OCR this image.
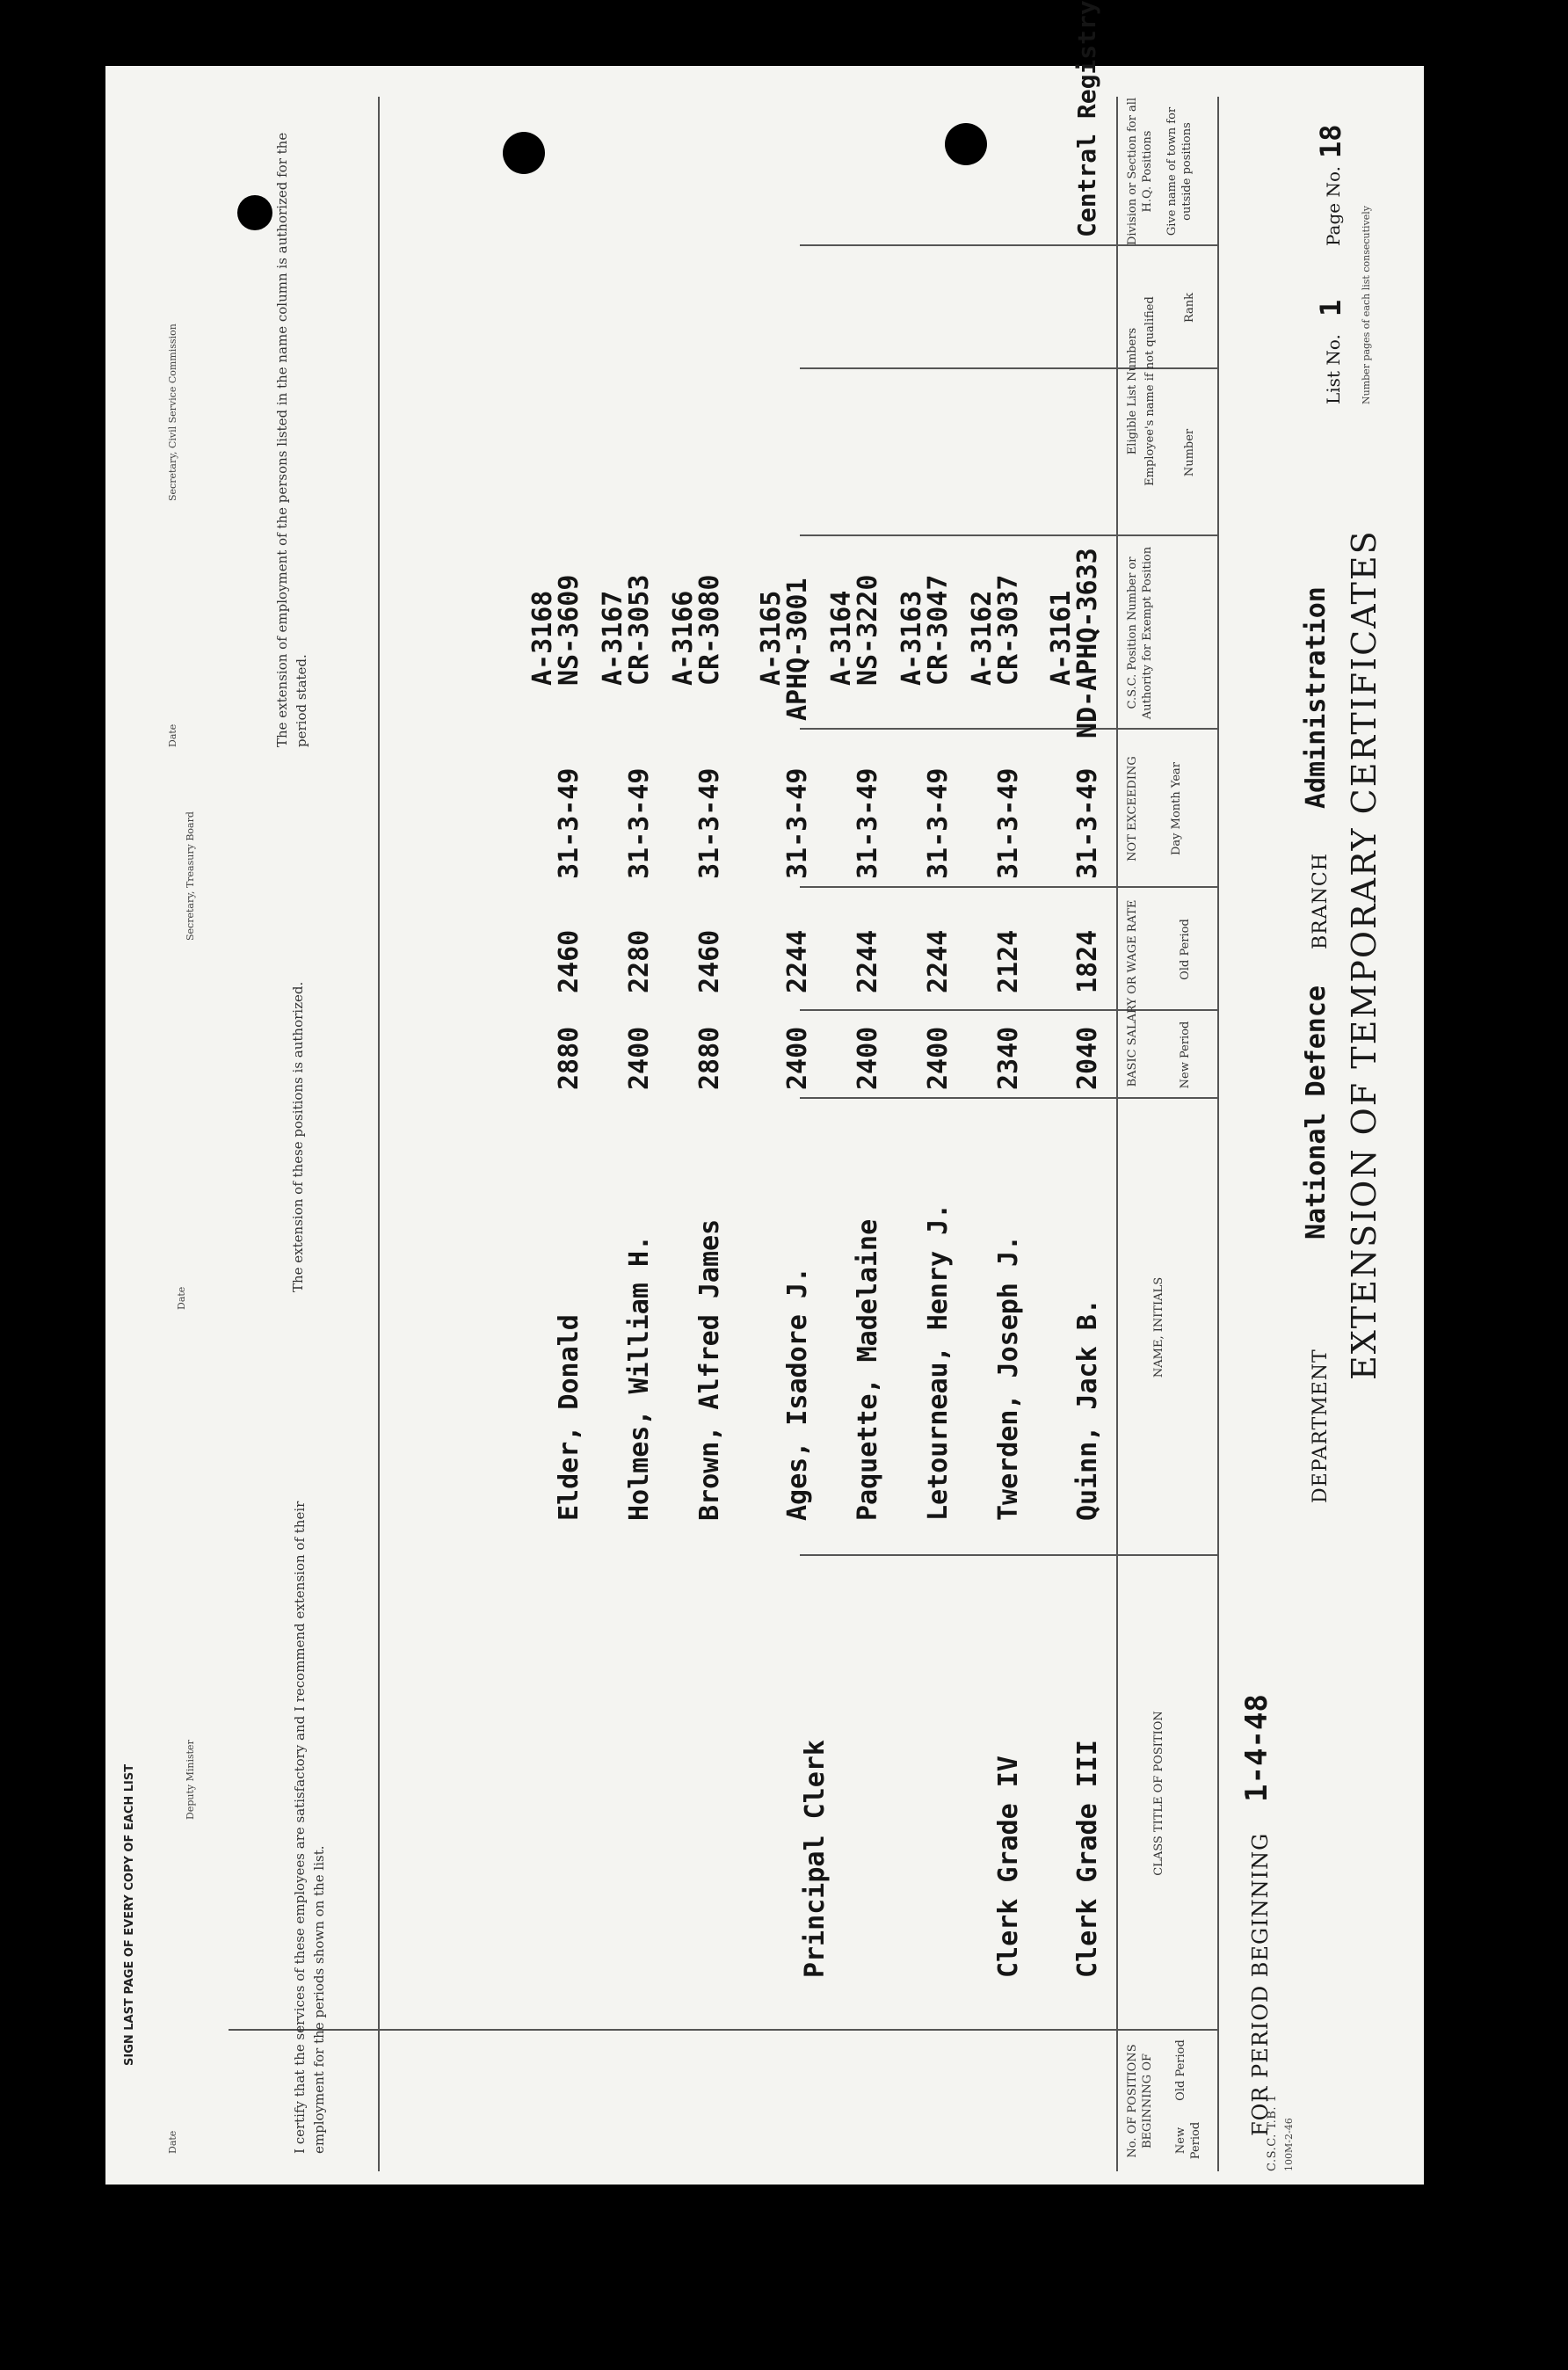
C.S.C. T.B. 1 100M-2-46
EXTENSION OF TEMPORARY CERTIFICATES
FOR PERIOD BEGINNING
1-4-48
DEPARTMENT
National Defence
BRANCH
Administration
List No.
1
Page No.
18
Number pages of each list consecutively
No. OF POSITIONS BEGINNING OF New Period
Old Period
CLASS TITLE OF POSITION
NAME, INITIALS
BASIC SALARY OR WAGE RATE	New Period
Old Period
NOT EXCEEDING	Day Month Year
C.S.C. Position Number or Authority for Exempt Position
Eligible List Numbers Employee's name if not qualified Number
Rank
Division or Section for all H.Q. Positions Give name of town for outside positions
Clerk Grade III
Clerk Grade IV
Principal Clerk
Central Registry
Quinn, Jack B.
2040
1824
31-3-49
ND-APHQ-3633
A-3161
Twerden, Joseph J.
2340
2124
31-3-49
CR-3037
A-3162
Letourneau, Henry J.
2400
2244
31-3-49
CR-3047
A-3163
Paquette, Madelaine
2400
2244
31-3-49
NS-3220
A-3164
Ages, Isadore J.
2400
2244
31-3-49
APHQ-3001
A-3165
Brown, Alfred James
2880
2460
31-3-49
CR-3080
A-3166
Holmes, William H.
2400
2280
31-3-49
CR-3053
A-3167
Elder, Donald
2880
2460
31-3-49
NS-3609
A-3168
I certify that the services of these employees are satisfactory and I recommend extension of their employment for the periods shown on the list.
Date
Deputy Minister
SIGN LAST PAGE OF EVERY COPY OF EACH LIST
The extension of these positions is authorized.
Date
Secretary, Treasury Board
The extension of employment of the persons listed in the name column is authorized for the period stated.
Date
Secretary, Civil Service Commission
